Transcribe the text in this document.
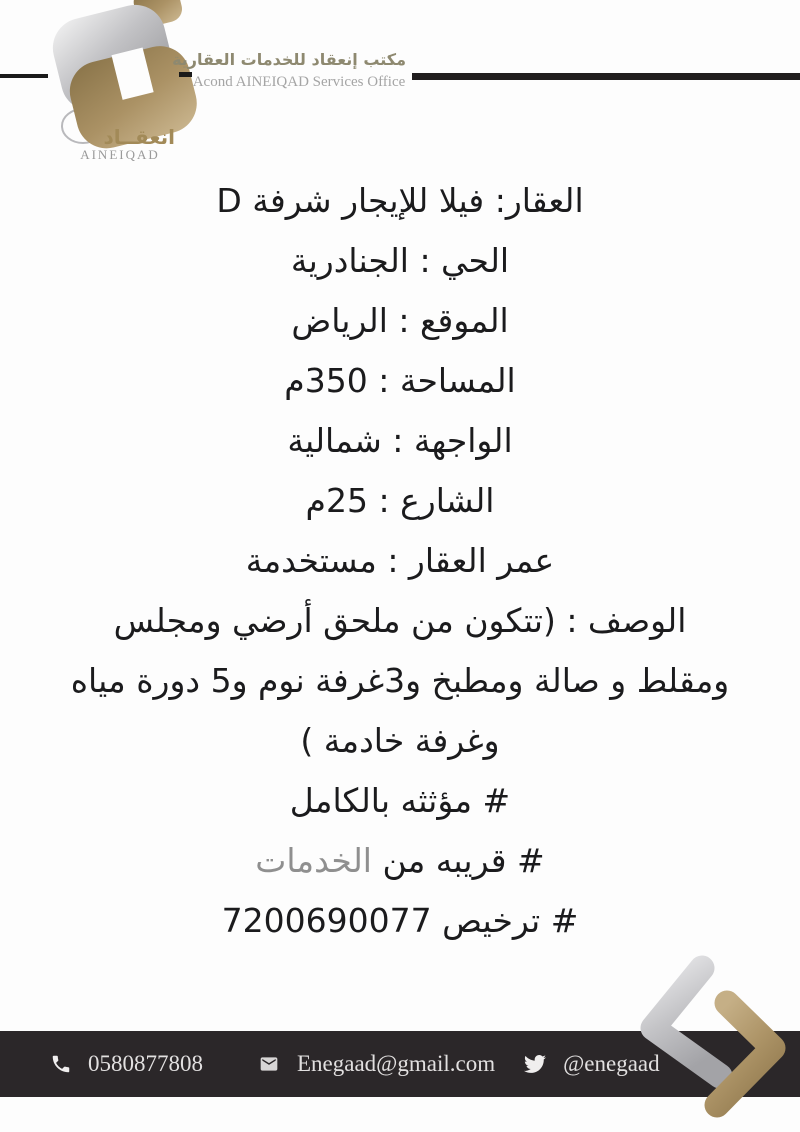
انعقــاد
AINEIQAD
مكتب إنعقاد للخدمات العقارية
Acond AINEIQAD Services Office
العقار: فيلا للإيجار شرفة D
الحي : الجنادرية
الموقع : الرياض
المساحة : 350م
الواجهة : شمالية
الشارع : 25م
عمر العقار : مستخدمة
الوصف : (تتكون من ملحق أرضي ومجلس
ومقلط و صالة ومطبخ و3غرفة نوم و5 دورة مياه
وغرفة خادمة )
# مؤثثه بالكامل
# قريبه من الخدمات
# ترخيص 7200690077
0580877808	Enegaad@gmail.com	@enegaad
